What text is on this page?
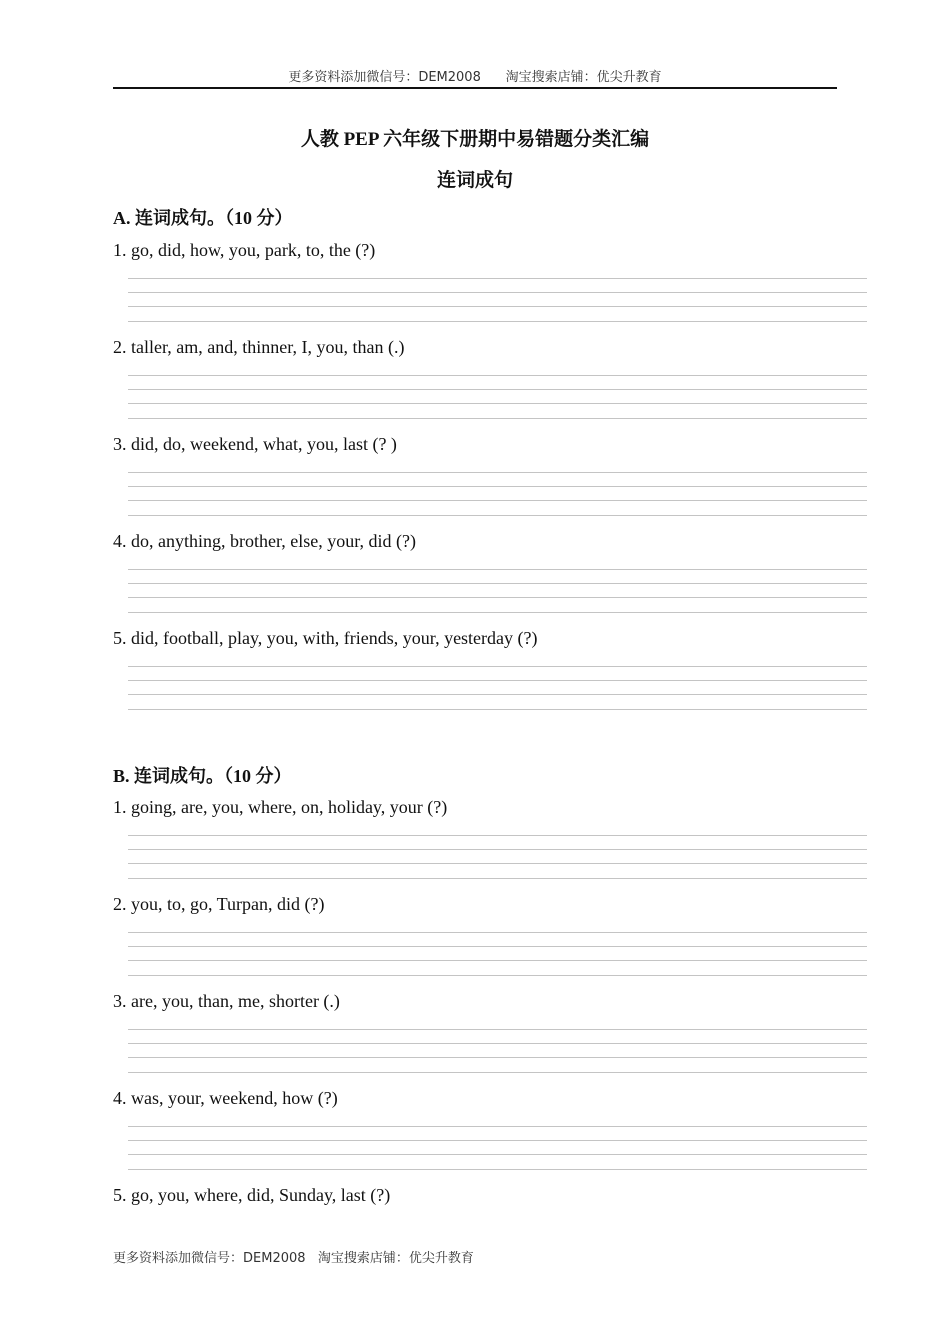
更多资料添加微信号：DEM2008      淘宝搜索店铺：优尖升教育
人教 PEP 六年级下册期中易错题分类汇编
连词成句
A. 连词成句。（10 分）
1. go, did, how, you, park, to, the (?)
2. taller, am, and, thinner, I, you, than (.)
3. did, do, weekend, what, you, last (? )
4. do, anything, brother, else, your, did (?)
5. did, football, play, you, with, friends, your, yesterday (?)
B. 连词成句。（10 分）
1. going, are, you, where, on, holiday, your (?)
2. you, to, go, Turpan, did (?)
3. are, you, than, me, shorter (.)
4. was, your, weekend, how (?)
5. go, you, where, did, Sunday, last (?)
更多资料添加微信号：DEM2008   淘宝搜索店铺：优尖升教育
